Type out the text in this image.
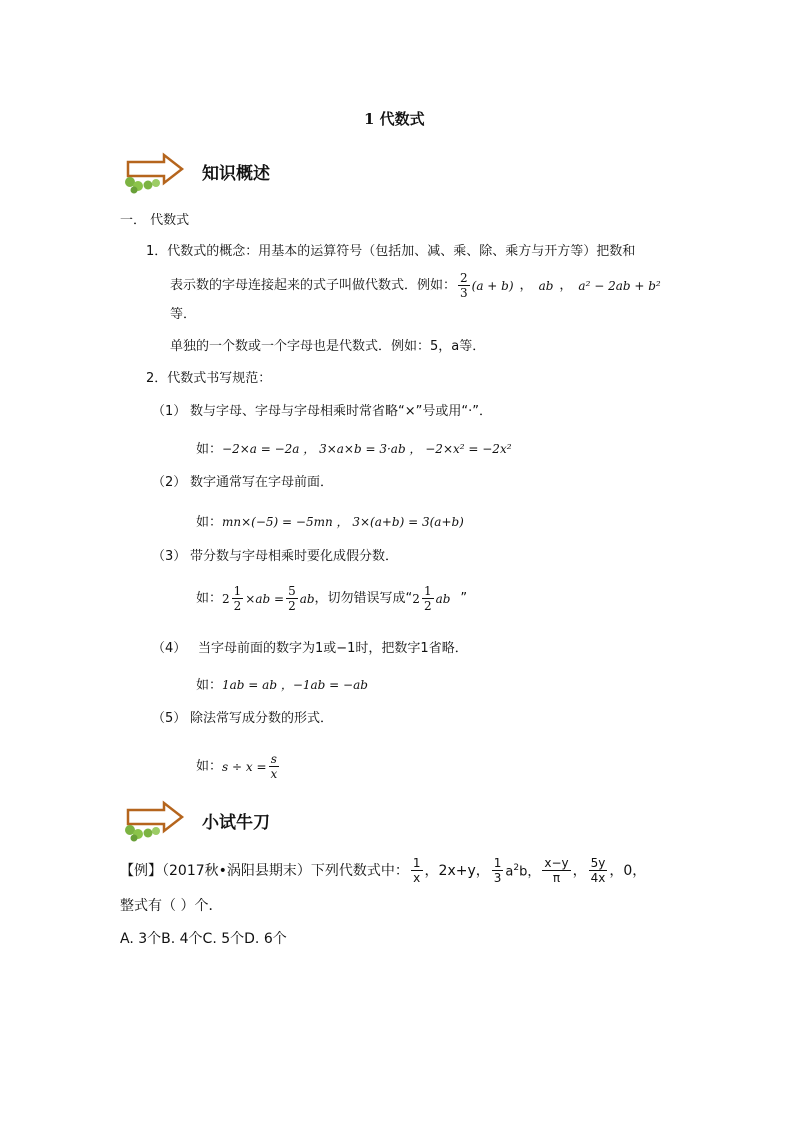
1 代数式
知识概述
一． 代数式
1．代数式的概念：用基本的运算符号（包括加、减、乘、除、乘方与开方等）把数和
表示数的字母连接起来的式子叫做代数式．例如： $\frac{2}{3} (a + b)$ ， ab ， a² − 2ab + b²
等．
单独的一个数或一个字母也是代数式．例如：5，a等．
2．代数式书写规范：
（1） 数与字母、字母与字母相乘时常省略“×”号或用“·”．
如：−2×a = −2a ， 3×a×b = 3·ab ， −2×x² = −2x²
（2） 数字通常写在字母前面．
如：mn×(−5) = −5mn ， 3×(a+b) = 3(a+b)
（3） 带分数与字母相乘时要化成假分数．
如： $2 \frac{1}{2} \times ab = \frac{5}{2}$ ab ，切勿错误写成“ $2 \frac{1}{2}$ ab ”
（4） 当字母前面的数字为1或−1时，把数字1省略．
如：1ab = ab ，−1ab = −ab
（5） 除法常写成分数的形式．
如： $s \div x = \frac{s}{x}$
小试牛刀
【例】（2017秋•涡阳县期末）下列代数式中： $\frac{1}{x}$ ， 2x+y， $\frac{1}{3} a^2b$， $\frac{x-y}{\pi}$ ， $\frac{5y}{4x}$ ， 0，
整式有（ ）个．
A. 3个B. 4个C. 5个D. 6个
